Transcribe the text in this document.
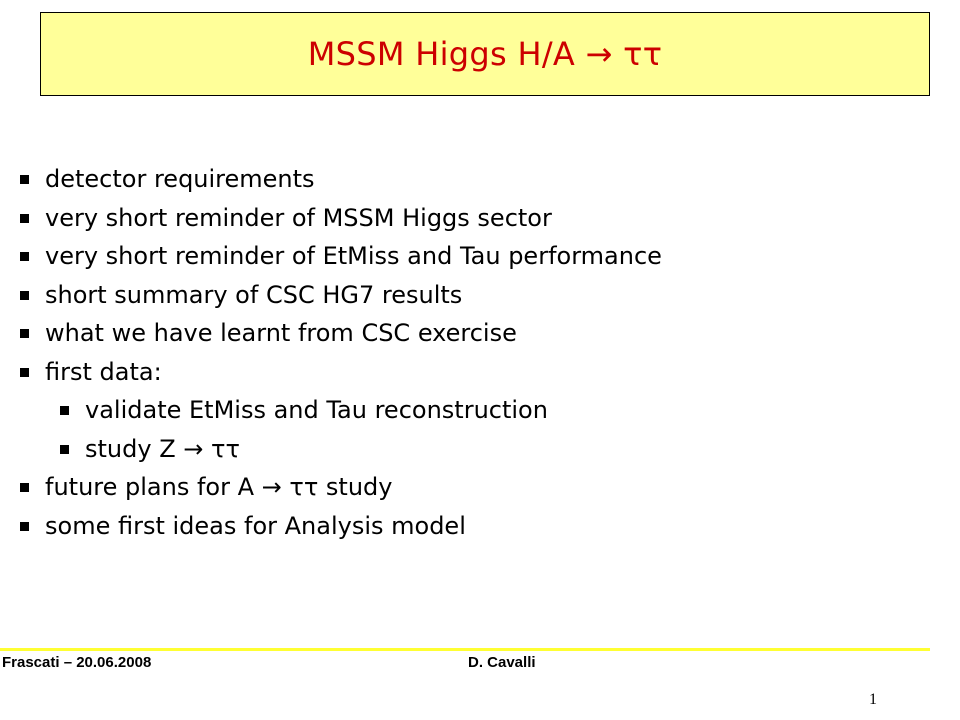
MSSM Higgs H/A → ττ
detector requirements
very short reminder of MSSM Higgs sector
very short reminder of EtMiss and Tau performance
short summary of CSC HG7 results
what we have learnt from CSC exercise
first data:
validate EtMiss and Tau reconstruction
study Z → ττ
future plans for A → ττ study
some first ideas for Analysis model
Frascati – 20.06.2008	D. Cavalli
1
